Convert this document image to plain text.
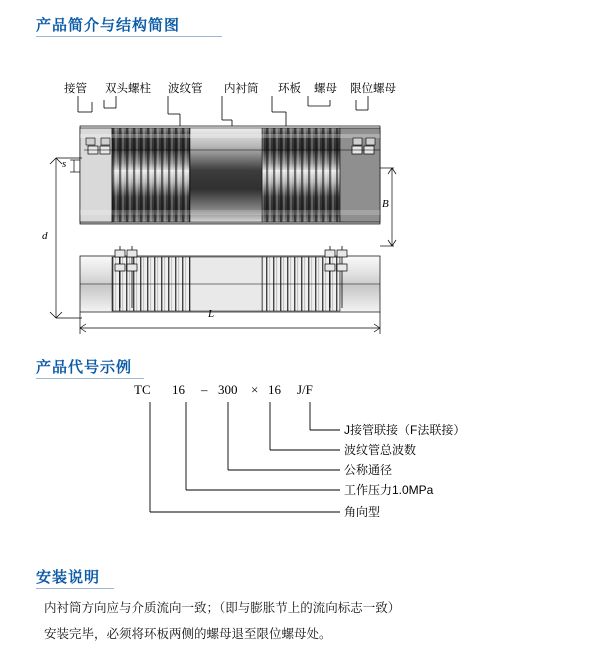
产品简介与结构简图
接管 双头螺柱 波纹管 内衬筒 环板 螺母 限位螺母
s
d
B
L
产品代号示例
TC 16 – 300 × 16 J/F
J接管联接（F法联接）
波纹管总波数
公称通径
工作压力1.0MPa
角向型
安装说明

内衬筒方向应与介质流向一致；（即与膨胀节上的流向标志一致）

安装完毕，必须将环板两侧的螺母退至限位螺母处。
